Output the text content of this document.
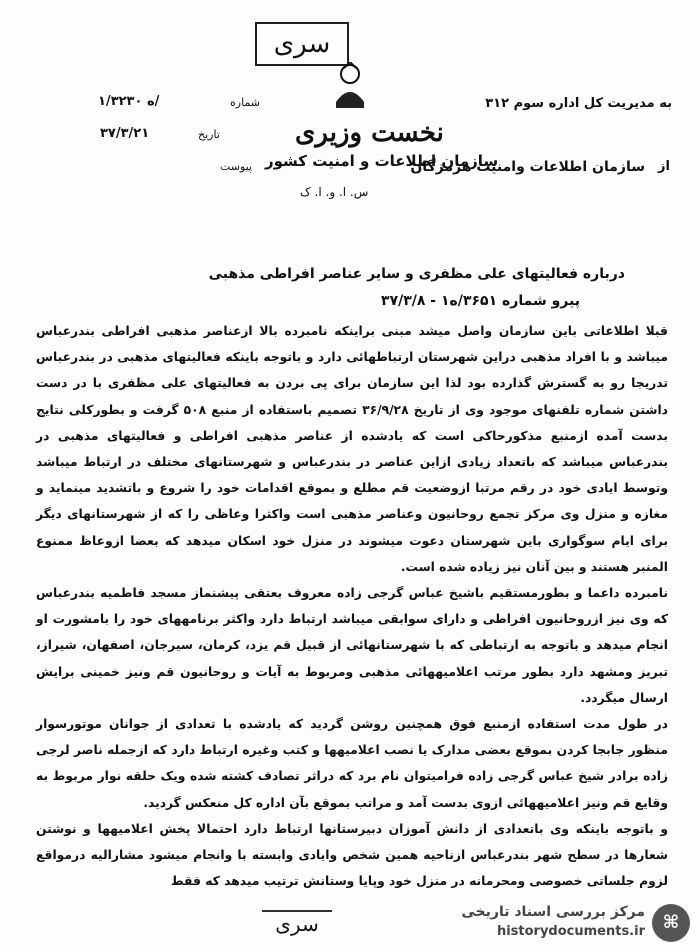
سری
نخست وزیری
سازمان اطلاعات و امنیت کشور
س. ا. و. ا. ک
شماره
۱/ه ۳۲۳۰/
تاریخ
۳۷/۳/۲۱
پیوست
به مدیریت کل اداره سوم ۳۱۲
از
سازمان اطلاعات وامنیت هرمزگان
درباره فعالیتهای علی مظفری و سایر عناصر افراطی مذهبی
پیرو شماره ۳۶۵۱/ه۱ - ۳۷/۳/۸

قبلا اطلاعاتی باین سازمان واصل میشد مبنی براینکه نامبرده بالا ازعناصر مذهبی افراطی بندرعباس میباشد و با افراد مذهبی دراین شهرستان ارتباطهائی دارد و باتوجه باینکه فعالیتهای مذهبی در بندرعباس تدریجا رو به گسترش گذارده بود لذا این سازمان برای پی بردن به فعالیتهای علی مظفری با در دست داشتن شماره تلفنهای موجود وی از تاریخ ۳۶/۹/۲۸ تصمیم باستفاده از منبع ۵۰۸ گرفت و بطورکلی نتایج بدست آمده ازمنبع مذکورحاکی است که یادشده از عناصر مذهبی افراطی و فعالیتهای مذهبی در بندرعباس میباشد که باتعداد زیادی ازاین عناصر در بندرعباس و شهرستانهای مختلف در ارتباط میباشد وتوسط ایادی خود در رقم مرتبا ازوضعیت قم مطلع و بموقع اقدامات خود را شروع و باتشدید مینماید و مغازه و منزل وی مرکز تجمع روحانیون وعناصر مذهبی است واکثرا وعاظی را که از شهرستانهای دیگر برای ایام سوگواری باین شهرستان دعوت میشوند در منزل خود اسکان میدهد که بعضا ازوعاظ ممنوع المنبر هستند و بین آنان نیز زیاده شده است.

نامبرده داعما و بطورمستقیم باشیخ عباس گرجی زاده معروف بعتقی پیشنماز مسجد فاطمیه بندرعباس که وی نیز ازروحانیون افراطی و دارای سوابقی میباشد ارتباط دارد واکثر برنامههای خود را بامشورت او انجام میدهد و باتوجه به ارتباطی که با شهرستانهائی از قبیل قم یزد، کرمان، سیرجان، اصفهان، شیراز، تبریز ومشهد دارد بطور مرتب اعلامیههائی مذهبی ومربوط به آیات و روحانیون قم ونیز خمینی برایش ارسال میگردد.

در طول مدت استفاده ازمنبع فوق همچنین روشن گردید که یادشده با تعدادی از جوانان موتورسوار منظور جابجا کردن بموقع بعضی مدارک یا نصب اعلامیهها و کتب وغیره ارتباط دارد که ازجمله ناصر لرجی زاده برادر شیخ عباس گرجی زاده فرامیتوان نام برد که دراثر تصادف کشته شده ویک حلقه نوار مربوط به وقایع قم ونیز اعلامیههائی ازوی بدست آمد و مراتب بموقع بآن اداره کل منعکس گردید.

و باتوجه باینکه وی باتعدادی از دانش آموزان دبیرستانها ارتباط دارد احتمالا پخش اعلامیهها و نوشتن شعارها در سطح شهر بندرعباس ازناحیه همین شخص وایادی وابسته با وانجام میشود مشارالیه درمواقع لزوم جلساتی خصوصی ومحرمانه در منزل خود وپایا وستانش ترتیب میدهد که فقط

سری	⌘
مرکز بررسی اسناد تاریخی
historydocuments.ir
